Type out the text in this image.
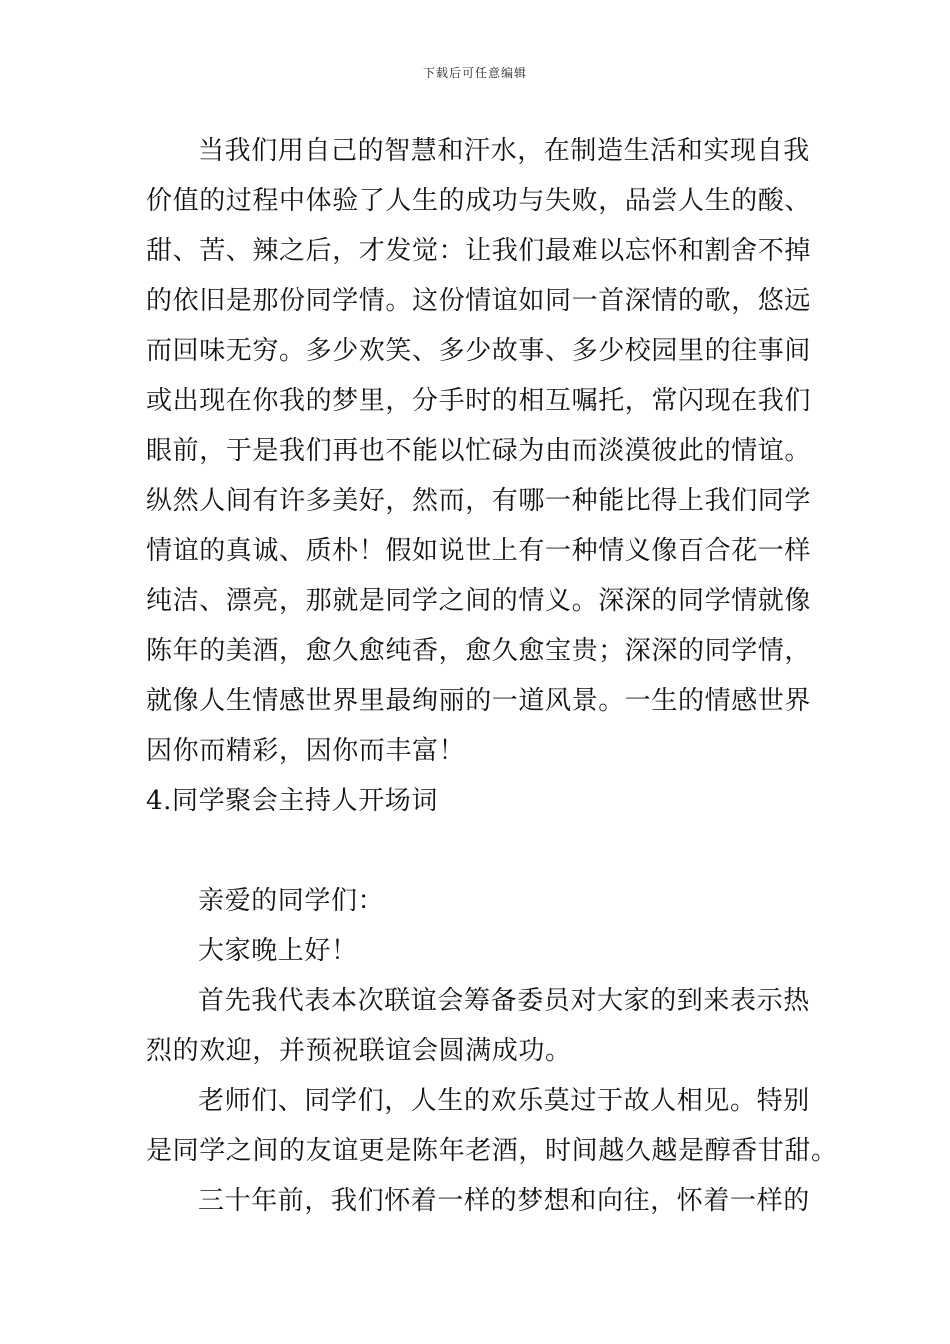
下载后可任意编辑
当我们用自己的智慧和汗水，在制造生活和实现自我
价值的过程中体验了人生的成功与失败，品尝人生的酸、
甜、苦、辣之后，才发觉：让我们最难以忘怀和割舍不掉
的依旧是那份同学情。这份情谊如同一首深情的歌，悠远
而回味无穷。多少欢笑、多少故事、多少校园里的往事间
或出现在你我的梦里，分手时的相互嘱托，常闪现在我们
眼前，于是我们再也不能以忙碌为由而淡漠彼此的情谊。
纵然人间有许多美好，然而，有哪一种能比得上我们同学
情谊的真诚、质朴！假如说世上有一种情义像百合花一样
纯洁、漂亮，那就是同学之间的情义。深深的同学情就像
陈年的美酒，愈久愈纯香，愈久愈宝贵；深深的同学情，
就像人生情感世界里最绚丽的一道风景。一生的情感世界
因你而精彩，因你而丰富！
4.同学聚会主持人开场词
亲爱的同学们：
大家晚上好！
首先我代表本次联谊会筹备委员对大家的到来表示热
烈的欢迎，并预祝联谊会圆满成功。
老师们、同学们，人生的欢乐莫过于故人相见。特别
是同学之间的友谊更是陈年老酒，时间越久越是醇香甘甜。
三十年前，我们怀着一样的梦想和向往，怀着一样的
